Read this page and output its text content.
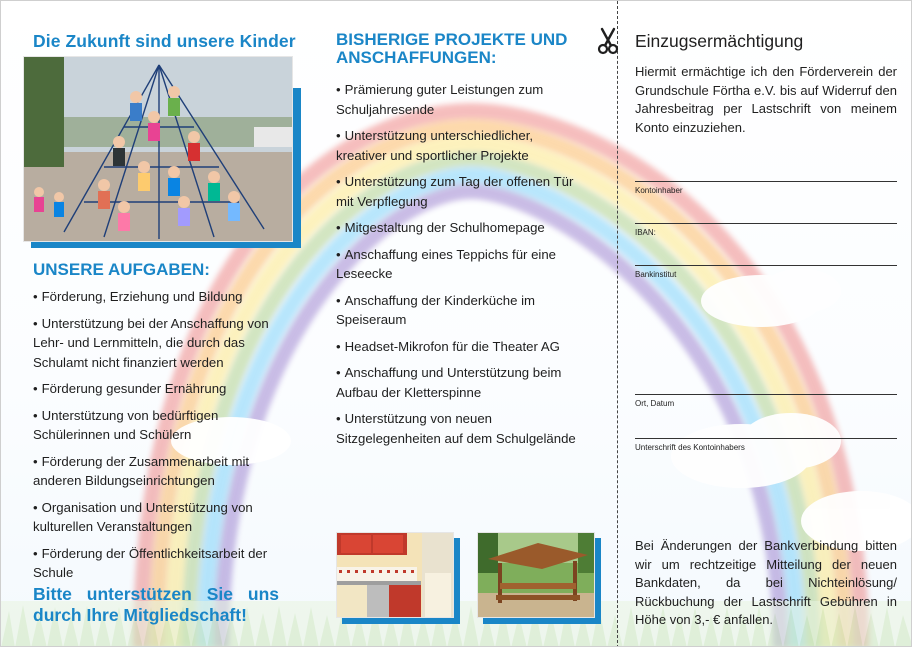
Die Zukunft sind unsere Kinder
UNSERE AUFGABEN:
• Förderung, Erziehung und Bildung
• Unterstützung bei der Anschaffung von Lehr- und Lernmitteln, die durch das Schulamt nicht finanziert werden
• Förderung gesunder Ernährung
• Unterstützung von bedürftigen Schülerinnen und Schülern
• Förderung der Zusammenarbeit mit anderen Bildungseinrichtungen
• Organisation und Unterstützung von kulturellen Veranstaltungen
• Förderung der Öffentlichkeitsarbeit der Schule
Bitte unterstützen Sie uns
durch Ihre Mitgliedschaft!
BISHERIGE PROJEKTE UND
ANSCHAFFUNGEN:
• Prämierung guter Leistungen zum Schuljahresende
• Unterstützung unterschiedlicher, kreativer und sportlicher Projekte
• Unterstützung zum Tag der offenen Tür mit Verpflegung
• Mitgestaltung der Schulhomepage
• Anschaffung eines Teppichs für eine Leseecke
• Anschaffung der Kinderküche im Speiseraum
• Headset-Mikrofon für die Theater AG
• Anschaffung und Unterstützung beim Aufbau der Kletterspinne
• Unterstützung von neuen Sitzgelegenheiten auf dem Schulgelände
Einzugsermächtigung

Hiermit ermächtige ich den Förderverein der Grundschule Förtha e.V. bis auf Widerruf den Jahresbeitrag per Lastschrift von meinem Konto einzuziehen.

Kontoinhaber
IBAN:
Bankinstitut
Ort, Datum
Unterschrift des Kontoinhabers

Bei Änderungen der Bankverbindung bitten wir um rechtzeitige Mitteilung der neuen Bankdaten, da bei Nichteinlösung/ Rückbuchung der Lastschrift Gebühren in Höhe von 3,- € anfallen.
